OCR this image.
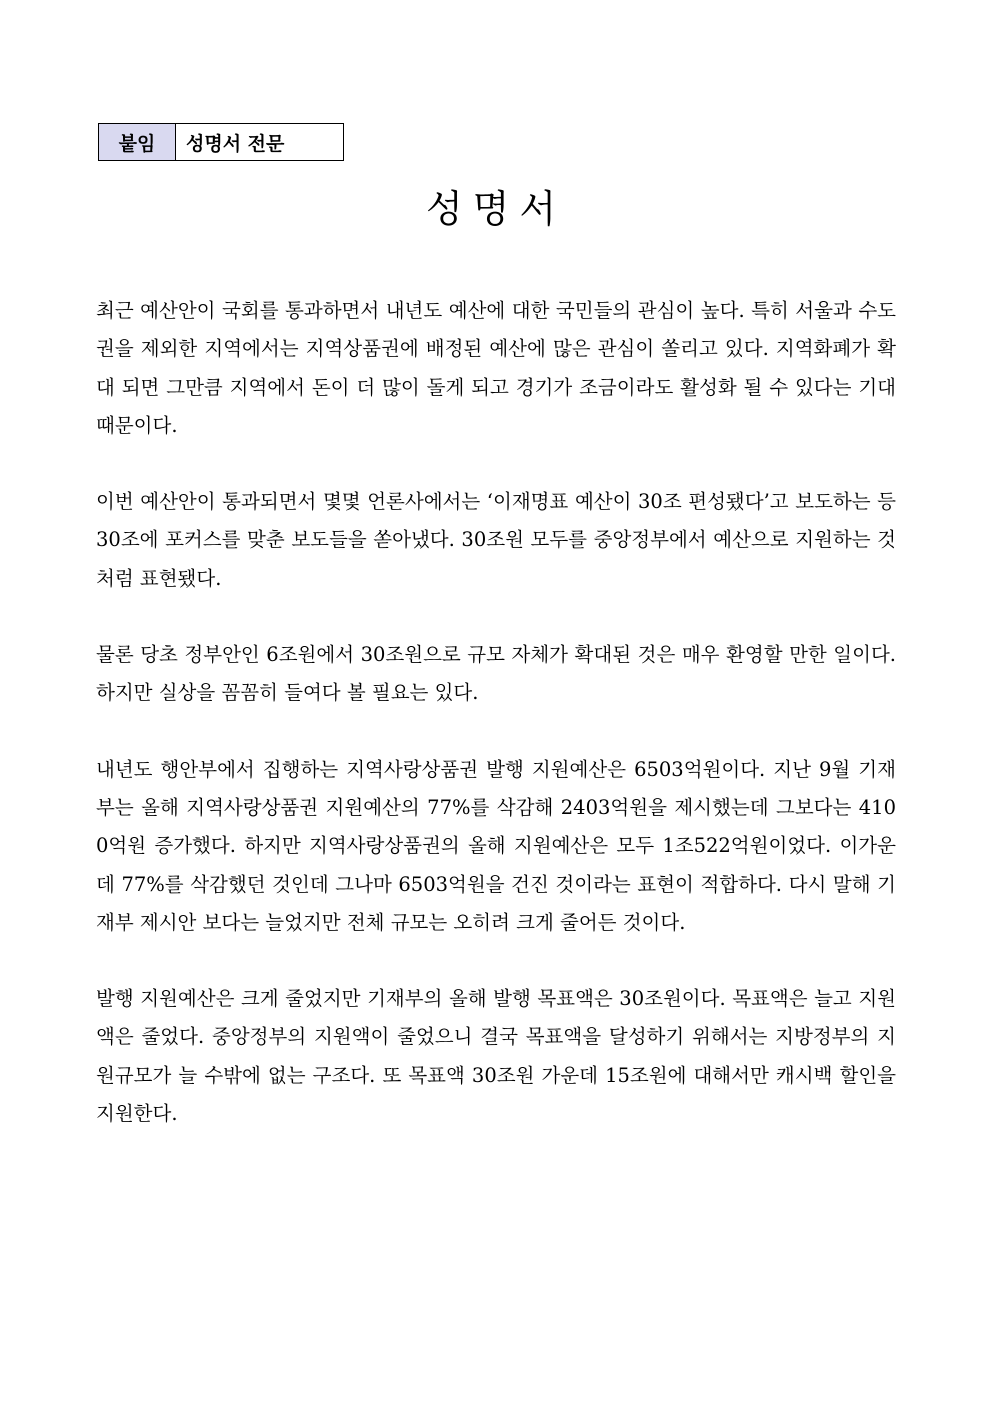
붙임	성명서 전문
성명서

최근 예산안이 국회를 통과하면서 내년도 예산에 대한 국민들의 관심이 높다. 특히 서울과 수도권을 제외한 지역에서는 지역상품권에 배정된 예산에 많은 관심이 쏠리고 있다. 지역화폐가 확대 되면 그만큼 지역에서 돈이 더 많이 돌게 되고 경기가 조금이라도 활성화 될 수 있다는 기대 때문이다.

이번 예산안이 통과되면서 몇몇 언론사에서는 ‘이재명표 예산이 30조 편성됐다’고 보도하는 등 30조에 포커스를 맞춘 보도들을 쏟아냈다. 30조원 모두를 중앙정부에서 예산으로 지원하는 것처럼 표현됐다.

물론 당초 정부안인 6조원에서 30조원으로 규모 자체가 확대된 것은 매우 환영할 만한 일이다. 하지만 실상을 꼼꼼히 들여다 볼 필요는 있다.

내년도 행안부에서 집행하는 지역사랑상품권 발행 지원예산은 6503억원이다. 지난 9월 기재부는 올해 지역사랑상품권 지원예산의 77%를 삭감해 2403억원을 제시했는데 그보다는 4100억원 증가했다. 하지만 지역사랑상품권의 올해 지원예산은 모두 1조522억원이었다. 이가운데 77%를 삭감했던 것인데 그나마 6503억원을 건진 것이라는 표현이 적합하다. 다시 말해 기재부 제시안 보다는 늘었지만 전체 규모는 오히려 크게 줄어든 것이다.

발행 지원예산은 크게 줄었지만 기재부의 올해 발행 목표액은 30조원이다. 목표액은 늘고 지원액은 줄었다. 중앙정부의 지원액이 줄었으니 결국 목표액을 달성하기 위해서는 지방정부의 지원규모가 늘 수밖에 없는 구조다. 또 목표액 30조원 가운데 15조원에 대해서만 캐시백 할인을 지원한다.
